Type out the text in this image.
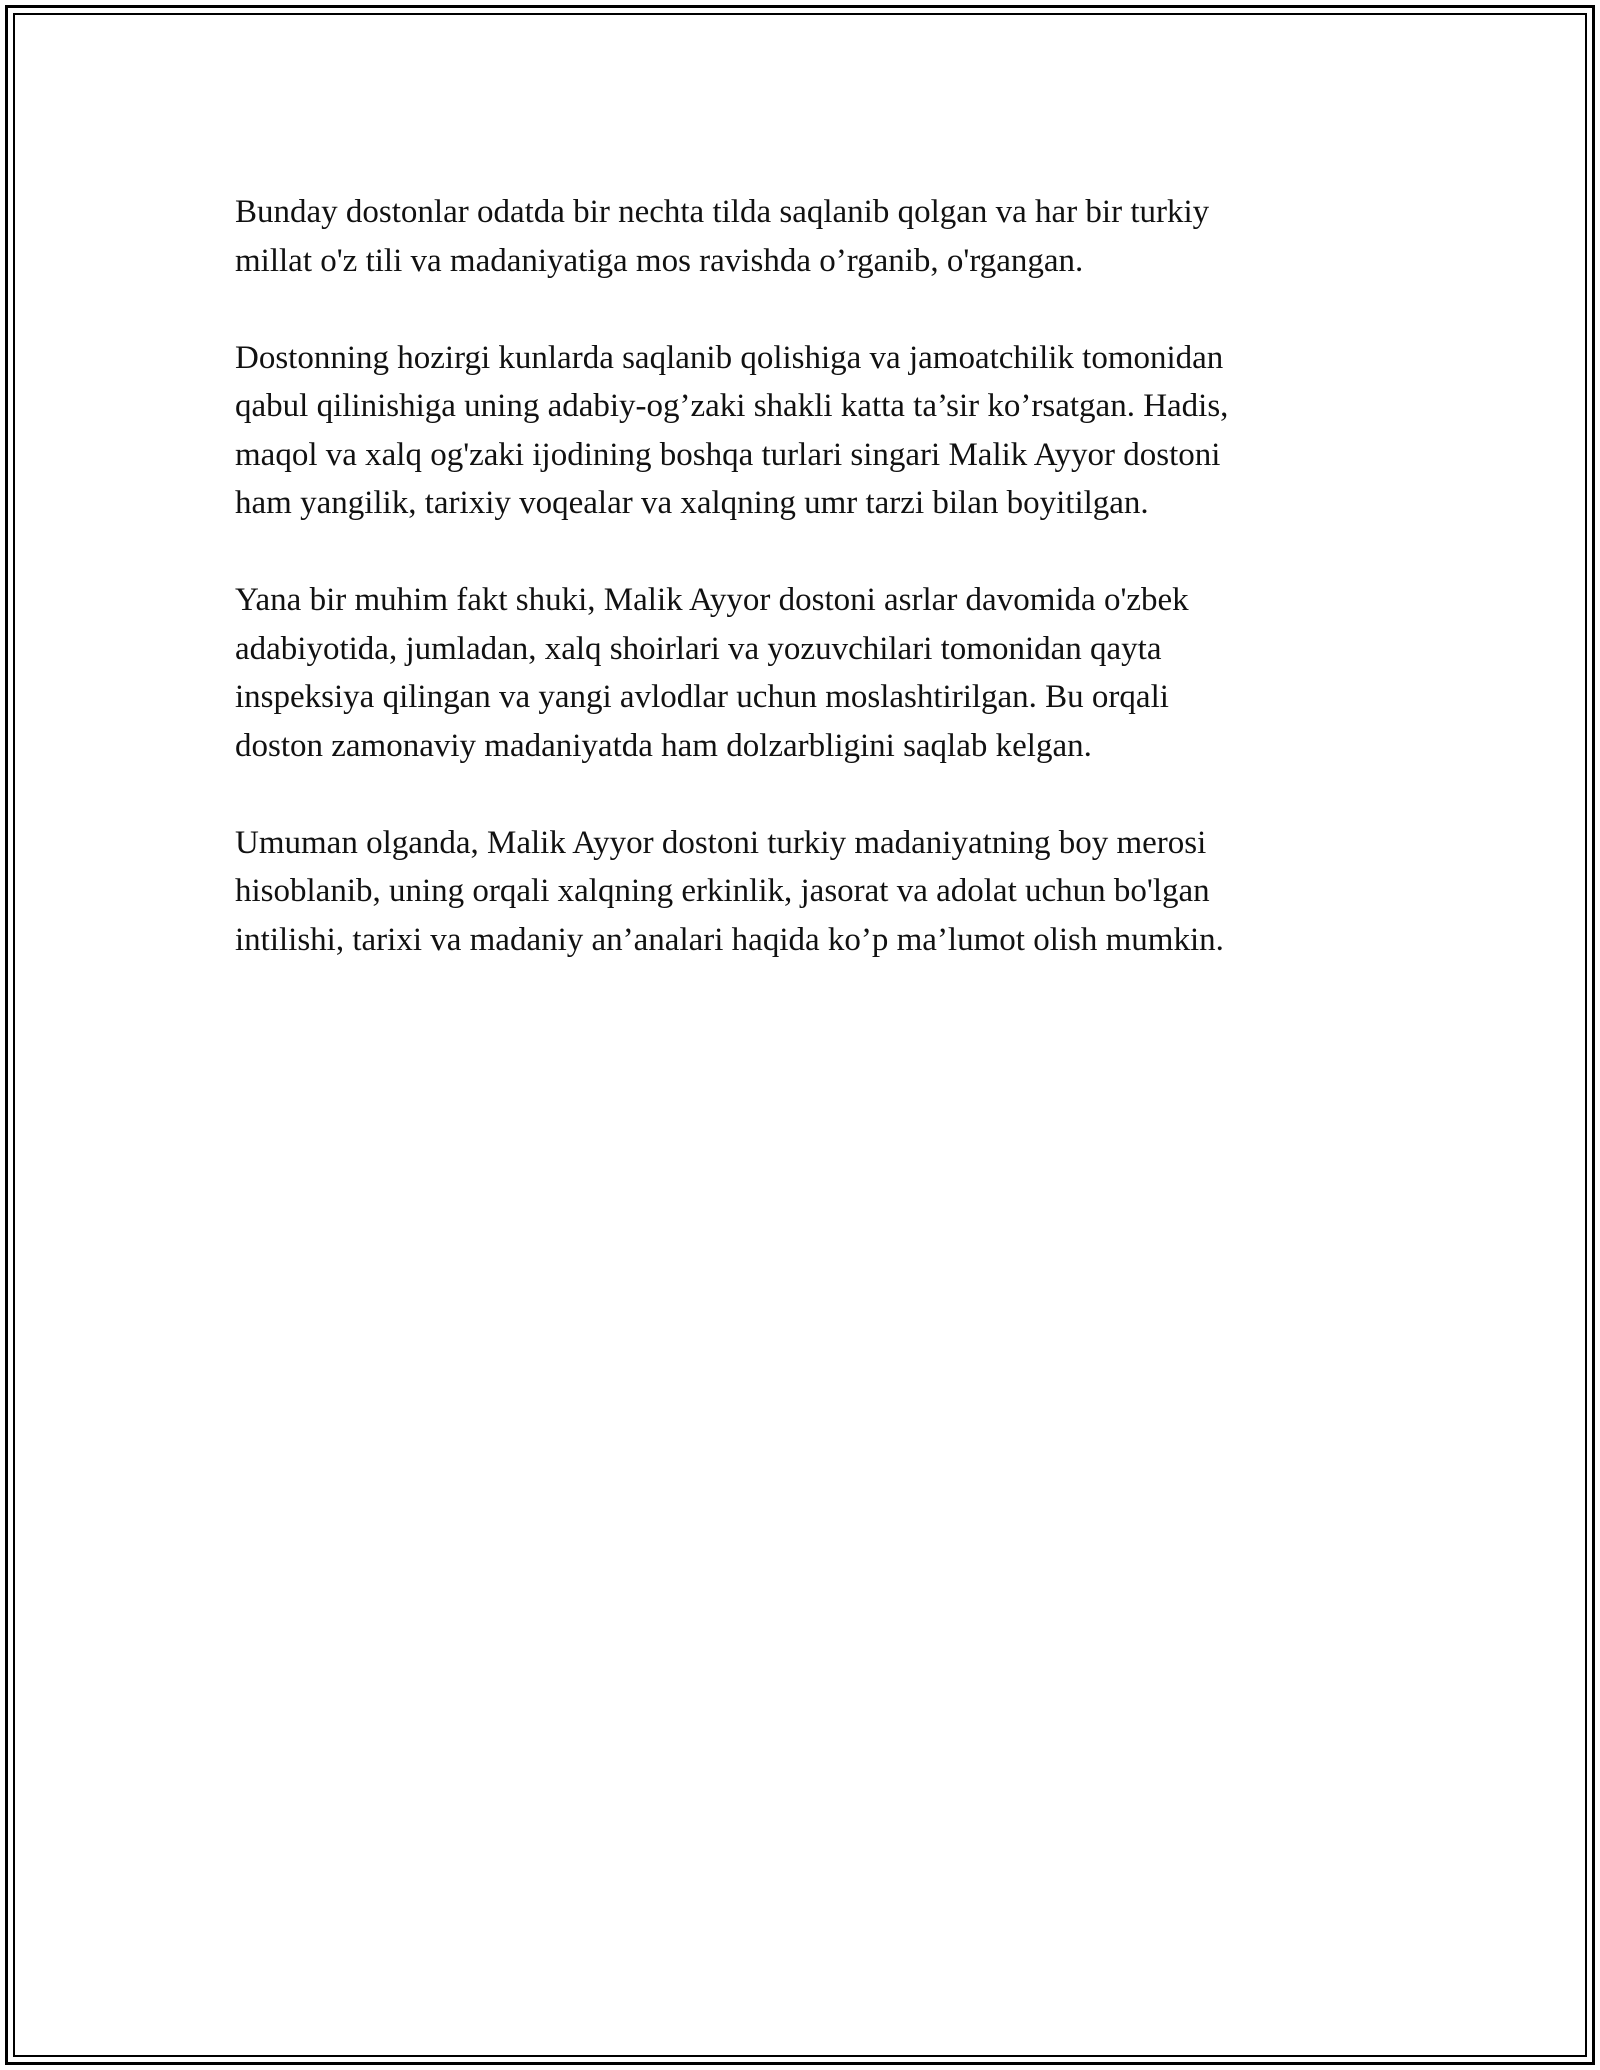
Bunday dostonlar odatda bir nechta tilda saqlanib qolgan va har bir turkiy
millat o'z tili va madaniyatiga mos ravishda o’rganib, o'rgangan.

Dostonning hozirgi kunlarda saqlanib qolishiga va jamoatchilik tomonidan
qabul qilinishiga uning adabiy-og’zaki shakli katta ta’sir ko’rsatgan. Hadis,
maqol va xalq og'zaki ijodining boshqa turlari singari Malik Ayyor dostoni
ham yangilik, tarixiy voqealar va xalqning umr tarzi bilan boyitilgan.

Yana bir muhim fakt shuki, Malik Ayyor dostoni asrlar davomida o'zbek
adabiyotida, jumladan, xalq shoirlari va yozuvchilari tomonidan qayta
inspeksiya qilingan va yangi avlodlar uchun moslashtirilgan. Bu orqali
doston zamonaviy madaniyatda ham dolzarbligini saqlab kelgan.

Umuman olganda, Malik Ayyor dostoni turkiy madaniyatning boy merosi
hisoblanib, uning orqali xalqning erkinlik, jasorat va adolat uchun bo'lgan
intilishi, tarixi va madaniy an’analari haqida ko’p ma’lumot olish mumkin.
